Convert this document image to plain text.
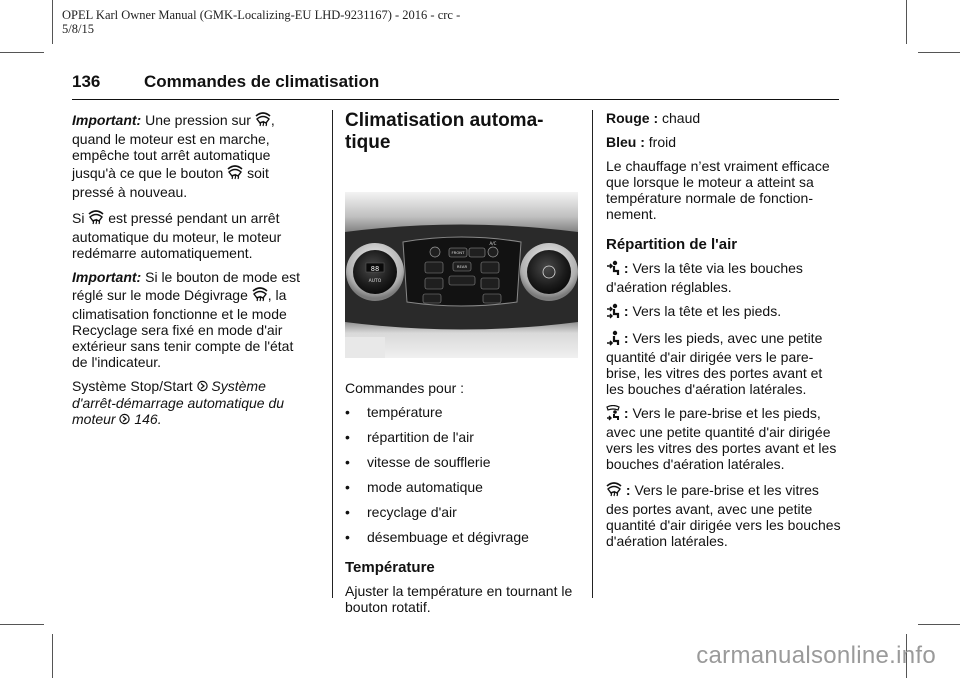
OPEL Karl Owner Manual (GMK-Localizing-EU LHD-9231167) - 2016 - crc -
5/8/15
136	Commandes de climatisation

Important: Une pression sur , quand le moteur est en marche, empêche tout arrêt automatique jusqu'à ce que le bouton soit pressé à nouveau.

Si est pressé pendant un arrêt automatique du moteur, le moteur redémarre automatiquement.

Important: Si le bouton de mode est réglé sur le mode Dégivrage , la climatisation fonctionne et le mode Recyclage sera fixé en mode d'air extérieur sans tenir compte de l'état de l'indicateur.

Système Stop/Start Système d'arrêt-démarrage automatique du moteur 146.

Climatisation automa- tique
88
AUTO
FRONT
A/C
REAR

Commandes pour :

• température
• répartition de l'air
• vitesse de soufflerie
• mode automatique
• recyclage d'air
• désembuage et dégivrage
Température

Ajuster la température en tournant le bouton rotatif.

Rouge : chaud

Bleu : froid

Le chauffage n’est vraiment efficace que lorsque le moteur a atteint sa température normale de fonction- nement.

Répartition de l'air

: Vers la tête via les bouches d'aération réglables.

: Vers la tête et les pieds.

: Vers les pieds, avec une petite quantité d'air dirigée vers le pare-brise, les vitres des portes avant et les bouches d'aération latérales.

: Vers le pare-brise et les pieds, avec une petite quantité d'air dirigée vers les vitres des portes avant et les bouches d'aération latérales.

: Vers le pare-brise et les vitres des portes avant, avec une petite quantité d'air dirigée vers les bouches d'aération latérales.

carmanualsonline.info
